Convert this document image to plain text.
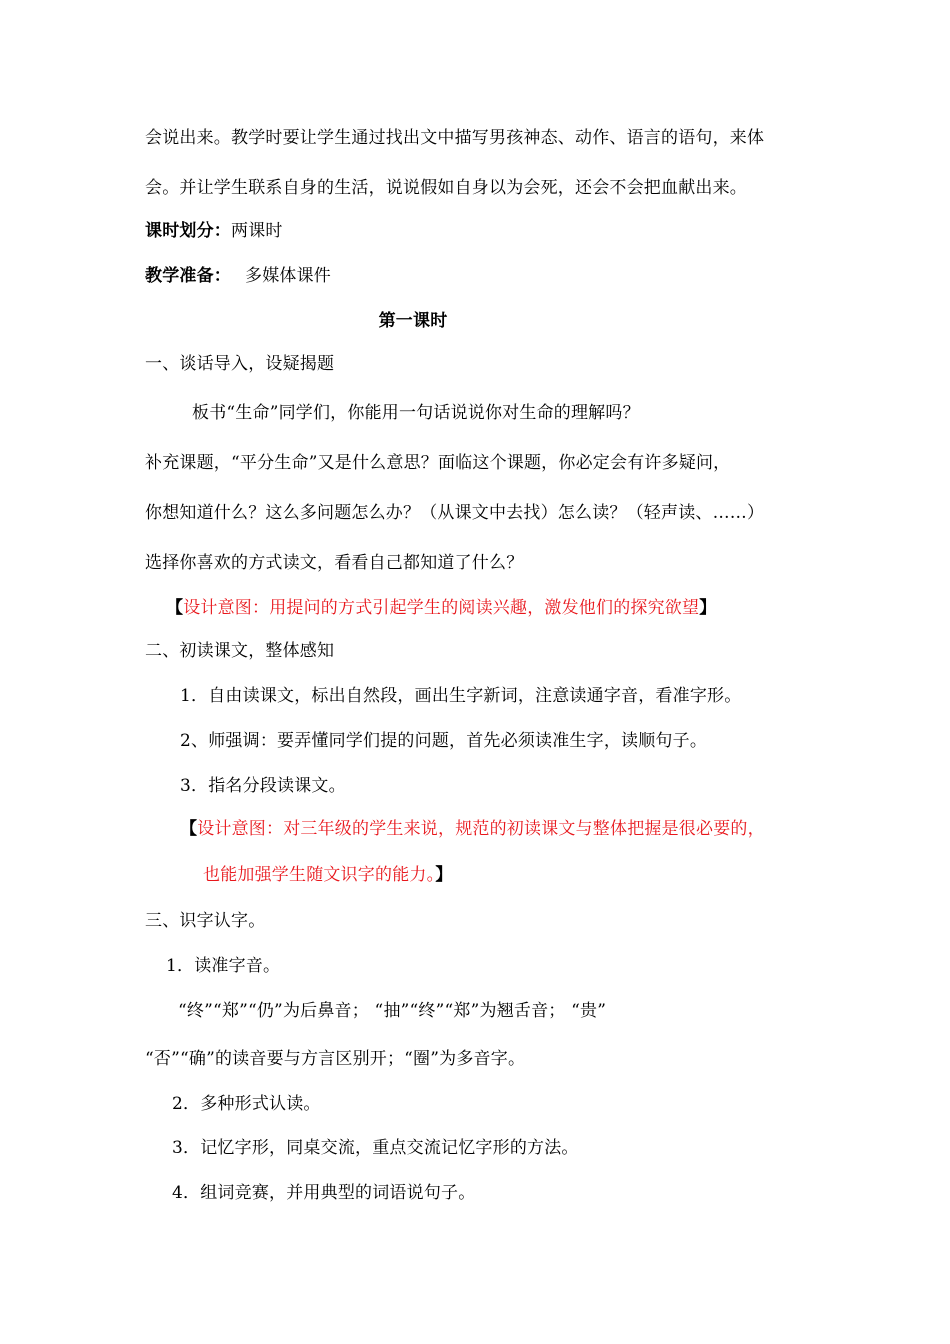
会说出来。教学时要让学生通过找出文中描写男孩神态、动作、语言的语句，来体
会。并让学生联系自身的生活，说说假如自身以为会死，还会不会把血献出来。
课时划分：两课时
教学准备： 多媒体课件
第一课时
一、谈话导入，设疑揭题
板书“生命”同学们，你能用一句话说说你对生命的理解吗？
补充课题，“平分生命”又是什么意思？面临这个课题，你必定会有许多疑问，
你想知道什么？这么多问题怎么办？（从课文中去找）怎么读？（轻声读、……）
选择你喜欢的方式读文，看看自己都知道了什么？
【设计意图：用提问的方式引起学生的阅读兴趣，激发他们的探究欲望】
二、初读课文，整体感知
1．自由读课文，标出自然段，画出生字新词，注意读通字音，看准字形。
2、师强调：要弄懂同学们提的问题，首先必须读准生字，读顺句子。
3．指名分段读课文。
【设计意图：对三年级的学生来说，规范的初读课文与整体把握是很必要的，
也能加强学生随文识字的能力。】
三、识字认字。
1．读准字音。
“终”“郑”“仍”为后鼻音； “抽”“终”“郑”为翘舌音； “贵”
“否”“确”的读音要与方言区别开；“圈”为多音字。
2．多种形式认读。
3．记忆字形，同桌交流，重点交流记忆字形的方法。
4．组词竞赛，并用典型的词语说句子。
